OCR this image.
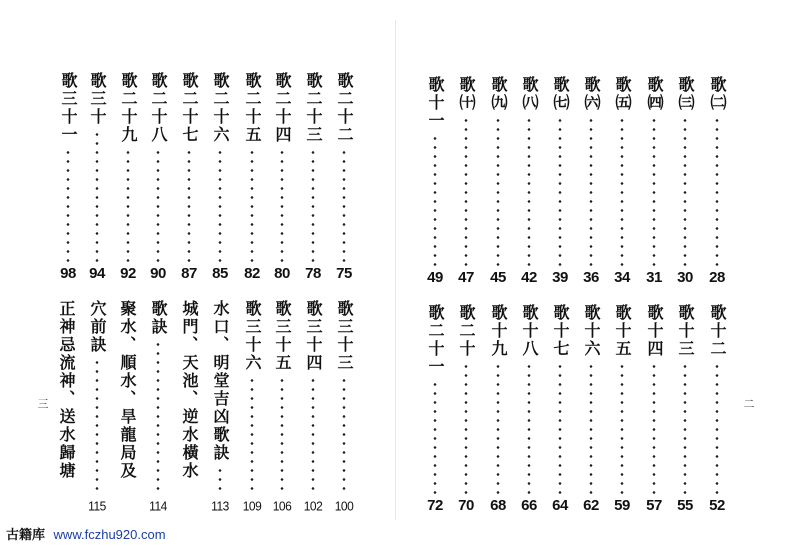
三	二
歌三十一
98
歌三十
94
歌二十九
92
歌二十八
90
歌二十七
87
歌二十六
85
歌二十五
82
歌二十四
80
歌二十三
78
歌二十二
75
正神忌流神、送水歸塘 穴前訣
115
聚水、順水、旱龍局及 歌訣
114
城門、天池、逆水橫水 水口、明堂吉凶歌訣
113
歌三十六
109
歌三十五
106
歌三十四
102
歌三十三
100
歌十一
49
歌㈩
47
歌㈨
45
歌㈧
42
歌㈦
39
歌㈥
36
歌㈤
34
歌㈣
31
歌㈢
30
歌㈡
28
歌二十一
72
歌二十
70
歌十九
68
歌十八
66
歌十七
64
歌十六
62
歌十五
59
歌十四
57
歌十三
55
歌十二
52
古籍库 www.fczhu920.com
